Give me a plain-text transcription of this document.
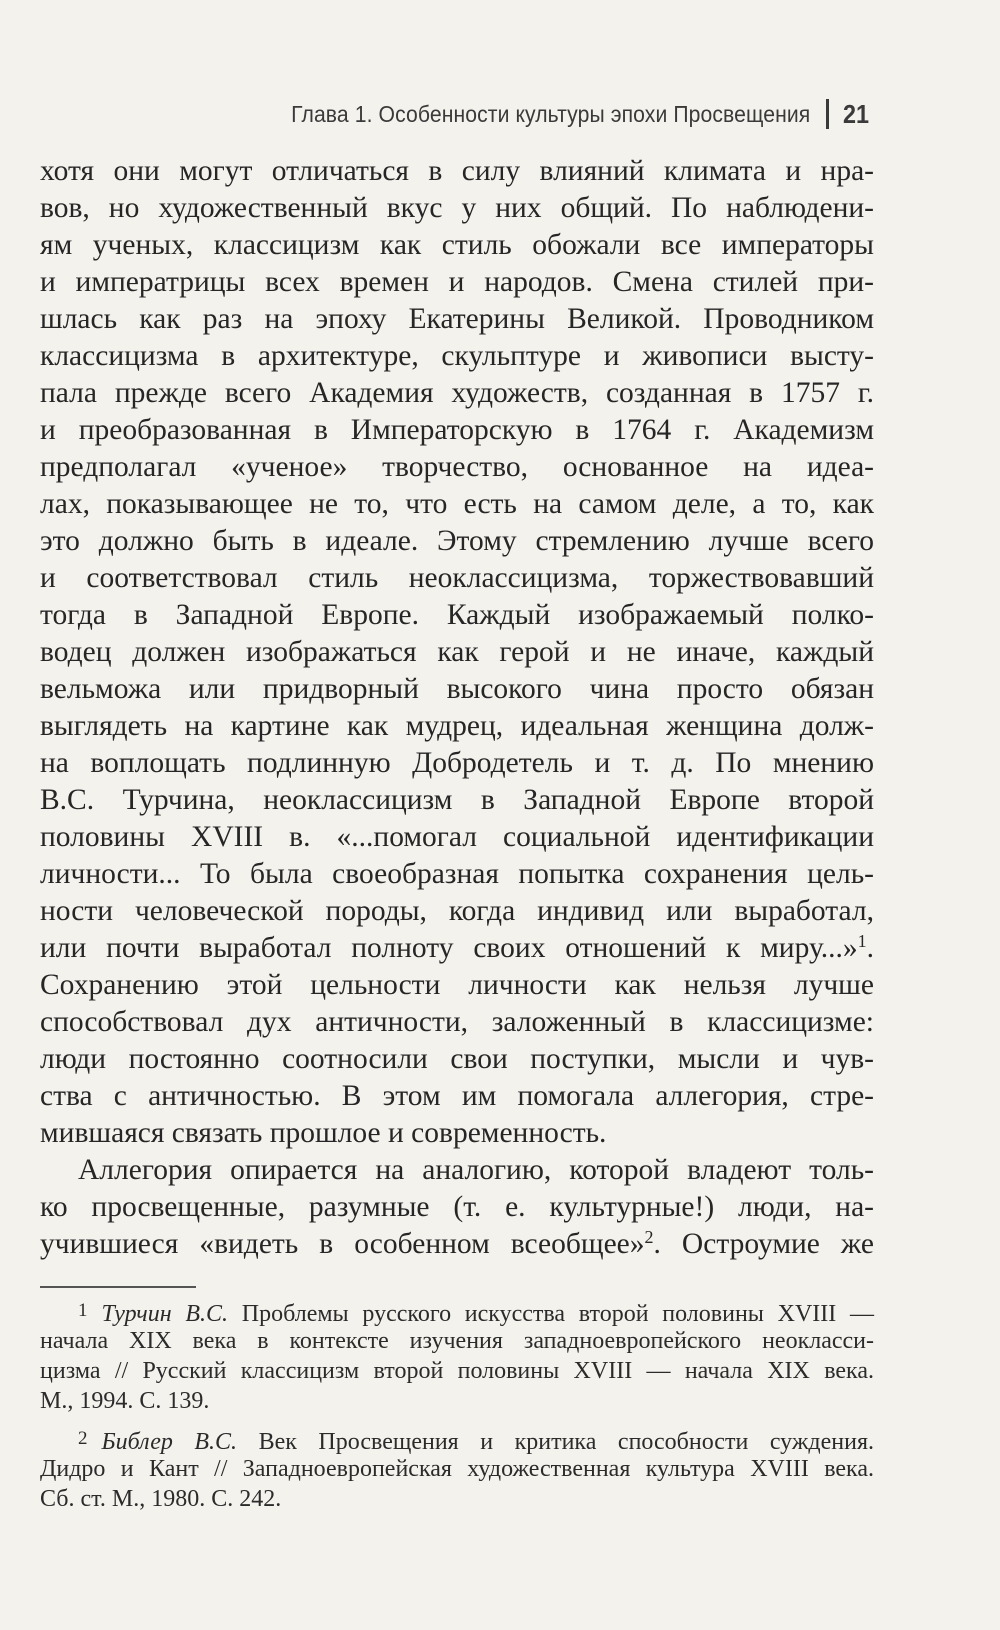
Глава 1. Особенности культуры эпохи Просвещения 21
хотя они могут отличаться в силу влияний климата и нра-
вов, но художественный вкус у них общий. По наблюдени-
ям ученых, классицизм как стиль обожали все императоры
и императрицы всех времен и народов. Смена стилей при-
шлась как раз на эпоху Екатерины Великой. Проводником
классицизма в архитектуре, скульптуре и живописи высту-
пала прежде всего Академия художеств, созданная в 1757 г.
и преобразованная в Императорскую в 1764 г. Академизм
предполагал «ученое» творчество, основанное на идеа-
лах, показывающее не то, что есть на самом деле, а то, как
это должно быть в идеале. Этому стремлению лучше всего
и соответствовал стиль неоклассицизма, торжествовавший
тогда в Западной Европе. Каждый изображаемый полко-
водец должен изображаться как герой и не иначе, каждый
вельможа или придворный высокого чина просто обязан
выглядеть на картине как мудрец, идеальная женщина долж-
на воплощать подлинную Добродетель и т. д. По мнению
В.С. Турчина, неоклассицизм в Западной Европе второй
половины XVIII в. «...помогал социальной идентификации
личности... То была своеобразная попытка сохранения цель-
ности человеческой породы, когда индивид или выработал,
или почти выработал полноту своих отношений к миру...»$^1$.
Сохранению этой цельности личности как нельзя лучше
способствовал дух античности, заложенный в классицизме:
люди постоянно соотносили свои поступки, мысли и чув-
ства с античностью. В этом им помогала аллегория, стре-
мившаяся связать прошлое и современность.
Аллегория опирается на аналогию, которой владеют толь-
ко просвещенные, разумные (т. е. культурные!) люди, на-
учившиеся «видеть в особенном всеобщее»$^2$. Остроумие же
$^1$ Турчин В.С. Проблемы русского искусства второй половины XVIII —
начала XIX века в контексте изучения западноевропейского неокласси-
цизма // Русский классицизм второй половины XVIII — начала XIX века.
М., 1994. С. 139.
$^2$ Библер В.С. Век Просвещения и критика способности суждения.
Дидро и Кант // Западноевропейская художественная культура XVIII века.
Сб. ст. М., 1980. С. 242.
